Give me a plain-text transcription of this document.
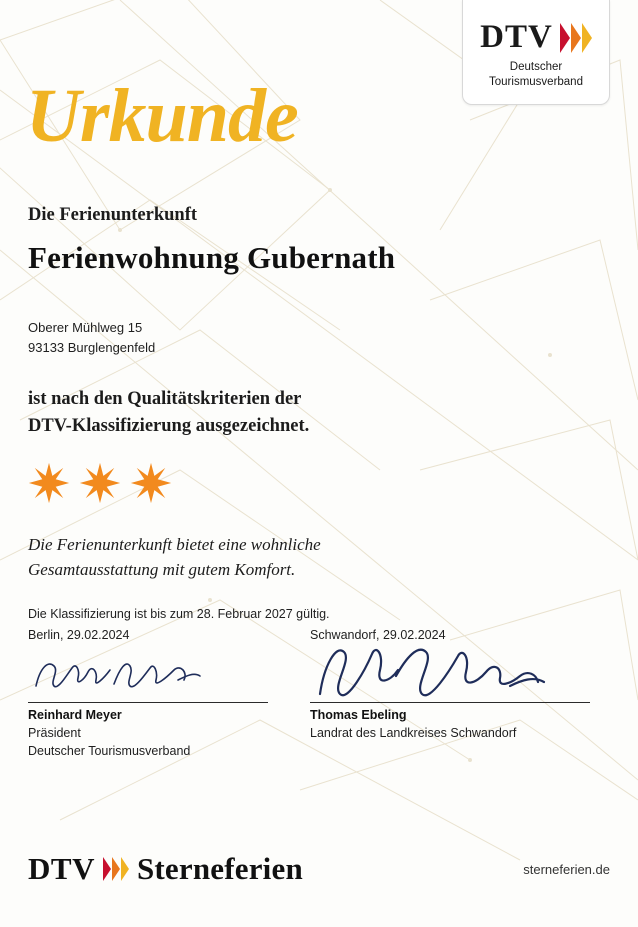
DTV
Deutscher
Tourismusverband
Urkunde

Die Ferienunterkunft

Ferienwohnung Gubernath

Oberer Mühlweg 15
93133 Burglengenfeld
ist nach den Qualitätskriterien der
DTV-Klassifizierung ausgezeichnet.
Die Ferienunterkunft bietet eine wohnliche
Gesamtausstattung mit gutem Komfort.

Die Klassifizierung ist bis zum 28. Februar 2027 gültig.

Berlin, 29.02.2024
Reinhard Meyer
Präsident
Deutscher Tourismusverband
Schwandorf, 29.02.2024
Thomas Ebeling
Landrat des Landkreises Schwandorf
DTV Sterneferien	sterneferien.de
